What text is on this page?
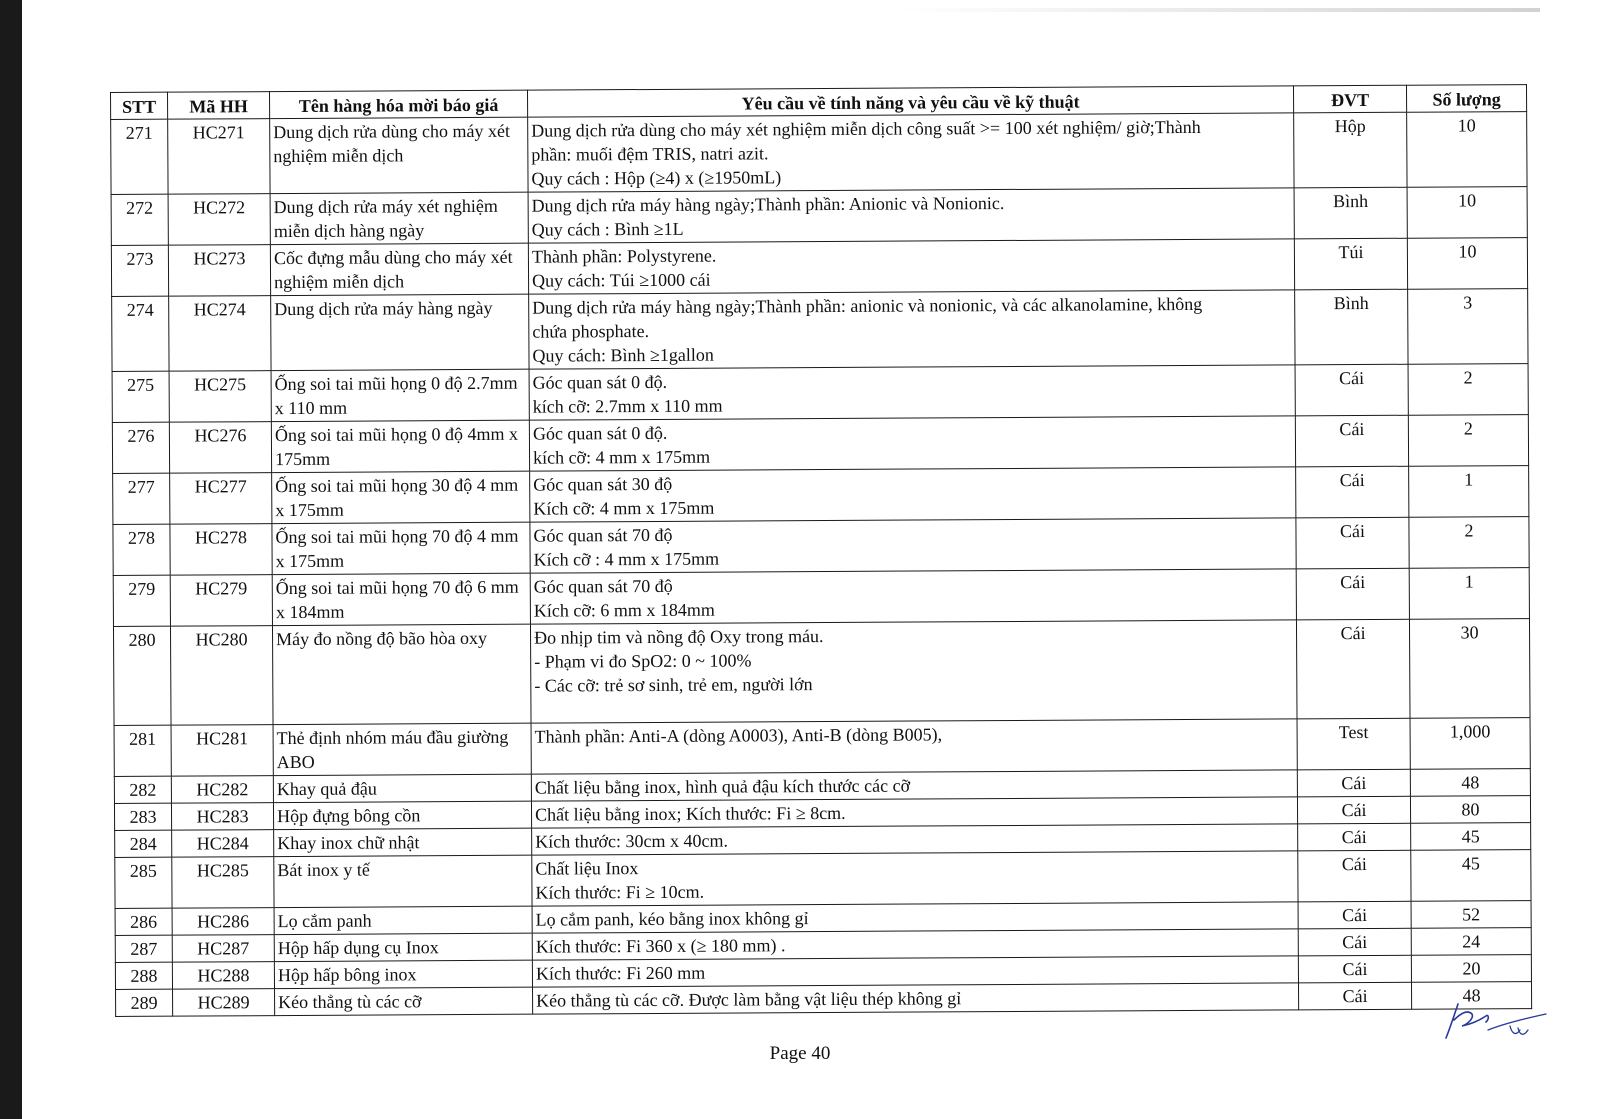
STT	Mã HH	Tên hàng hóa mời báo giá	Yêu cầu về tính năng và yêu cầu về kỹ thuật	ĐVT	Số lượng
271	HC271	Dung dịch rửa dùng cho máy xét nghiệm miễn dịch	Dung dịch rửa dùng cho máy xét nghiệm miễn dịch công suất >= 100 xét nghiệm/ giờ;Thành
phần: muối đệm TRIS, natri azit.
Quy cách : Hộp (≥4) x (≥1950mL)	Hộp	10
272	HC272	Dung dịch rửa máy xét nghiệm miễn dịch hàng ngày	Dung dịch rửa máy hàng ngày;Thành phần: Anionic và Nonionic.
Quy cách : Bình ≥1L	Bình	10
273	HC273	Cốc đựng mẫu dùng cho máy xét nghiệm miễn dịch	Thành phần: Polystyrene.
Quy cách: Túi ≥1000 cái	Túi	10
274	HC274	Dung dịch rửa máy hàng ngày	Dung dịch rửa máy hàng ngày;Thành phần: anionic và nonionic, và các alkanolamine, không
chứa phosphate.
Quy cách: Bình ≥1gallon	Bình	3
275	HC275	Ống soi tai mũi họng 0 độ 2.7mm x 110 mm	Góc quan sát 0 độ.
kích cỡ: 2.7mm x 110 mm	Cái	2
276	HC276	Ống soi tai mũi họng 0 độ 4mm x 175mm	Góc quan sát 0 độ.
kích cỡ: 4 mm x 175mm	Cái	2
277	HC277	Ống soi tai mũi họng 30 độ 4 mm x 175mm	Góc quan sát 30 độ
Kích cỡ: 4 mm x 175mm	Cái	1
278	HC278	Ống soi tai mũi họng 70 độ 4 mm x 175mm	Góc quan sát 70 độ
Kích cỡ : 4 mm x 175mm	Cái	2
279	HC279	Ống soi tai mũi họng 70 độ 6 mm x 184mm	Góc quan sát 70 độ
Kích cỡ: 6 mm x 184mm	Cái	1
280	HC280	Máy đo nồng độ bão hòa oxy	Đo nhịp tim và nồng độ Oxy trong máu.
- Phạm vi đo SpO2: 0 ~ 100%
- Các cỡ: trẻ sơ sinh, trẻ em, người lớn	Cái	30
281	HC281	Thẻ định nhóm máu đầu giường ABO	Thành phần: Anti-A (dòng A0003), Anti-B (dòng B005),	Test	1,000
282	HC282	Khay quả đậu	Chất liệu bằng inox, hình quả đậu kích thước các cỡ	Cái	48
283	HC283	Hộp đựng bông cồn	Chất liệu bằng inox; Kích thước: Fi ≥ 8cm.	Cái	80
284	HC284	Khay inox chữ nhật	Kích thước: 30cm x 40cm.	Cái	45
285	HC285	Bát inox y tế	Chất liệu Inox
Kích thước: Fi ≥ 10cm.	Cái	45
286	HC286	Lọ cắm panh	Lọ cắm panh, kéo bằng inox không gỉ	Cái	52
287	HC287	Hộp hấp dụng cụ Inox	Kích thước: Fi 360 x (≥ 180 mm) .	Cái	24
288	HC288	Hộp hấp bông inox	Kích thước: Fi 260 mm	Cái	20
289	HC289	Kéo thẳng tù các cỡ	Kéo thẳng tù các cỡ. Được làm bằng vật liệu thép không gỉ	Cái	48
Page 40
